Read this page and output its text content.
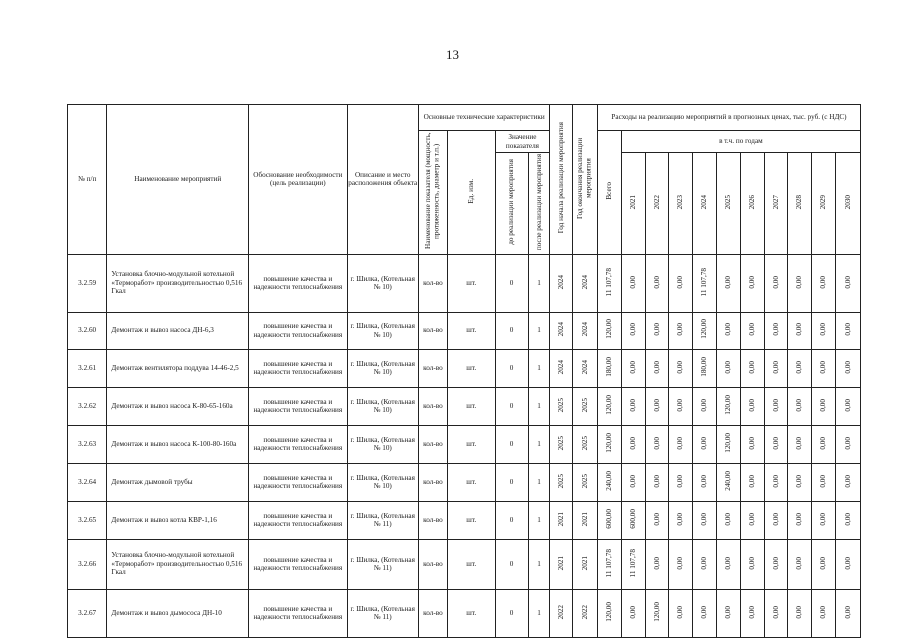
13
№ п/п	Наименование мероприятий	Обоснование необходимости (цель реализации)	Описание и место расположения объекта	Основные технические характеристики				Год начала реализации мероприятия	Год окончания реализации мероприятия	Расходы на реализацию мероприятий в прогнозных ценах, тыс. руб. (с НДС)										
				Наименование показателя (мощность, протяженность, диаметр и т.п.)	Ед. изм.	Значение показателя				Всего	в т.ч. по годам									
						до реализации мероприятия	после реализации мероприятия				2021	2022	2023	2024	2025	2026	2027	2028	2029	2030
3.2.59	Установка блочно-модульной котельной «Терморабот» производительностью 0,516 Гкал	повышение качества и надежности теплоснабжения	г. Шилка, (Котельная № 10)	кол-во	шт.	0	1	2024	2024	11 107,78	0,00	0,00	0,00	11 107,78	0,00	0,00	0,00	0,00	0,00	0,00
3.2.60	Демонтаж и вывоз насоса ДН-6,3	повышение качества и надежности теплоснабжения	г. Шилка, (Котельная № 10)	кол-во	шт.	0	1	2024	2024	120,00	0,00	0,00	0,00	120,00	0,00	0,00	0,00	0,00	0,00	0,00
3.2.61	Демонтаж вентилятора поддува 14-46-2,5	повышение качества и надежности теплоснабжения	г. Шилка, (Котельная № 10)	кол-во	шт.	0	1	2024	2024	180,00	0,00	0,00	0,00	180,00	0,00	0,00	0,00	0,00	0,00	0,00
3.2.62	Демонтаж и вывоз насоса К-80-65-160а	повышение качества и надежности теплоснабжения	г. Шилка, (Котельная № 10)	кол-во	шт.	0	1	2025	2025	120,00	0,00	0,00	0,00	0,00	120,00	0,00	0,00	0,00	0,00	0,00
3.2.63	Демонтаж и вывоз насоса К-100-80-160а	повышение качества и надежности теплоснабжения	г. Шилка, (Котельная № 10)	кол-во	шт.	0	1	2025	2025	120,00	0,00	0,00	0,00	0,00	120,00	0,00	0,00	0,00	0,00	0,00
3.2.64	Демонтаж дымовой трубы	повышение качества и надежности теплоснабжения	г. Шилка, (Котельная № 10)	кол-во	шт.	0	1	2025	2025	240,00	0,00	0,00	0,00	0,00	240,00	0,00	0,00	0,00	0,00	0,00
3.2.65	Демонтаж и вывоз котла КВР-1,16	повышение качества и надежности теплоснабжения	г. Шилка, (Котельная № 11)	кол-во	шт.	0	1	2021	2021	600,00	600,00	0,00	0,00	0,00	0,00	0,00	0,00	0,00	0,00	0,00
3.2.66	Установка блочно-модульной котельной «Терморабот» производительностью 0,516 Гкал	повышение качества и надежности теплоснабжения	г. Шилка, (Котельная № 11)	кол-во	шт.	0	1	2021	2021	11 107,78	11 107,78	0,00	0,00	0,00	0,00	0,00	0,00	0,00	0,00	0,00
3.2.67	Демонтаж и вывоз дымососа ДН-10	повышение качества и надежности теплоснабжения	г. Шилка, (Котельная № 11)	кол-во	шт.	0	1	2022	2022	120,00	0,00	120,00	0,00	0,00	0,00	0,00	0,00	0,00	0,00	0,00
